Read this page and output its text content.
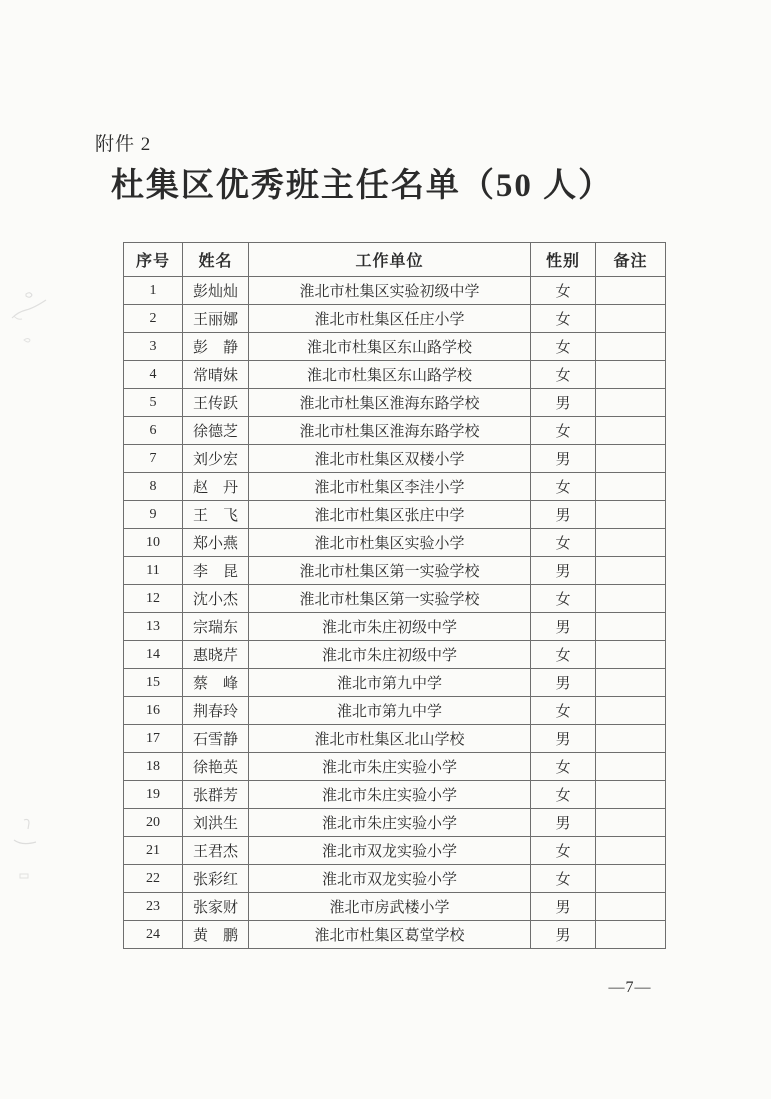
附件 2
杜集区优秀班主任名单（50 人）
序号	姓名	工作单位	性别	备注
1	彭灿灿	淮北市杜集区实验初级中学	女	
2	王丽娜	淮北市杜集区任庄小学	女	
3	彭　静	淮北市杜集区东山路学校	女	
4	常晴妹	淮北市杜集区东山路学校	女	
5	王传跃	淮北市杜集区淮海东路学校	男	
6	徐德芝	淮北市杜集区淮海东路学校	女	
7	刘少宏	淮北市杜集区双楼小学	男	
8	赵　丹	淮北市杜集区李洼小学	女	
9	王　飞	淮北市杜集区张庄中学	男	
10	郑小燕	淮北市杜集区实验小学	女	
11	李　昆	淮北市杜集区第一实验学校	男	
12	沈小杰	淮北市杜集区第一实验学校	女	
13	宗瑞东	淮北市朱庄初级中学	男	
14	惠晓芹	淮北市朱庄初级中学	女	
15	蔡　峰	淮北市第九中学	男	
16	荆春玲	淮北市第九中学	女	
17	石雪静	淮北市杜集区北山学校	男	
18	徐艳英	淮北市朱庄实验小学	女	
19	张群芳	淮北市朱庄实验小学	女	
20	刘洪生	淮北市朱庄实验小学	男	
21	王君杰	淮北市双龙实验小学	女	
22	张彩红	淮北市双龙实验小学	女	
23	张家财	淮北市房武楼小学	男	
24	黄　鹏	淮北市杜集区葛堂学校	男	
—7—
